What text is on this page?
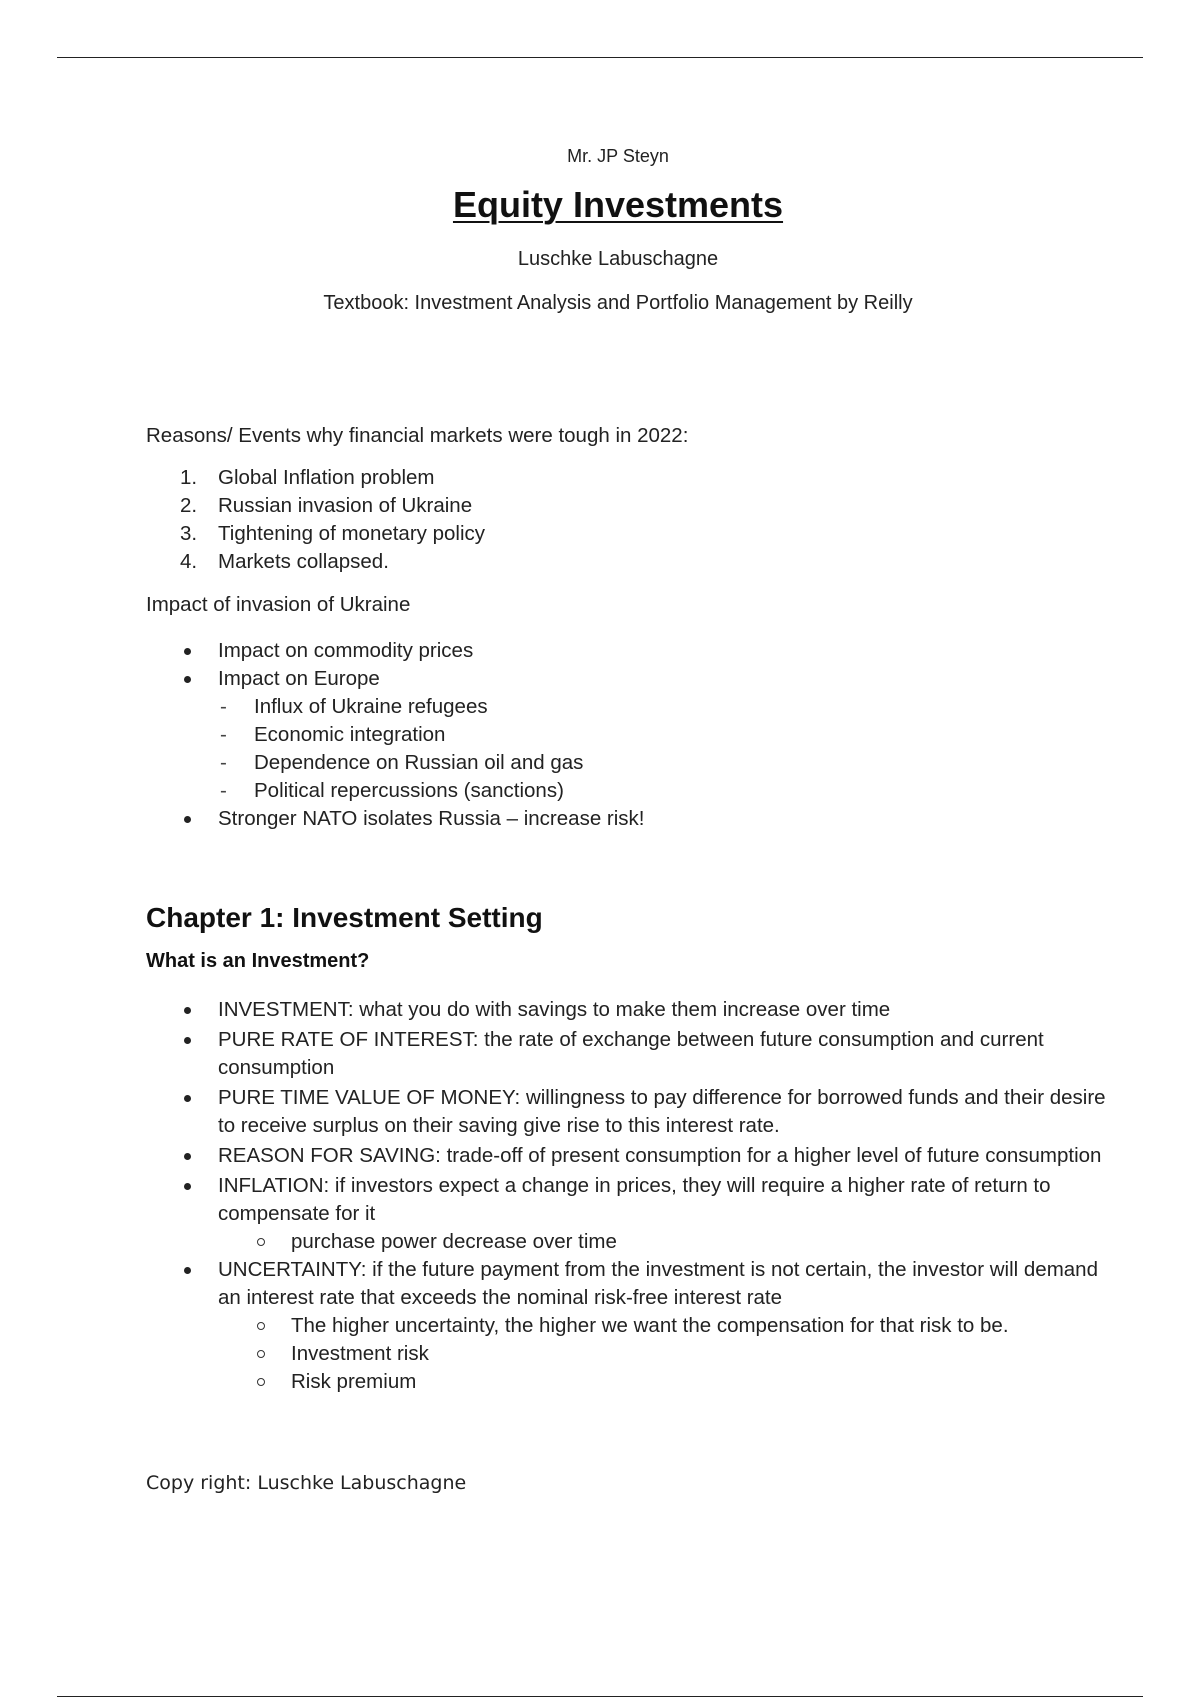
Mr. JP Steyn
Equity Investments
Luschke Labuschagne
Textbook: Investment Analysis and Portfolio Management by Reilly
Reasons/ Events why financial markets were tough in 2022:
1.	Global Inflation problem
2.	Russian invasion of Ukraine
3.	Tightening of monetary policy
4.	Markets collapsed.
Impact of invasion of Ukraine
Impact on commodity prices
Impact on Europe
- Influx of Ukraine refugees
- Economic integration
- Dependence on Russian oil and gas
- Political repercussions (sanctions)
Stronger NATO isolates Russia – increase risk!
Chapter 1: Investment Setting
What is an Investment?
INVESTMENT: what you do with savings to make them increase over time
PURE RATE OF INTEREST: the rate of exchange between future consumption and current consumption
PURE TIME VALUE OF MONEY: willingness to pay difference for borrowed funds and their desire to receive surplus on their saving give rise to this interest rate.
REASON FOR SAVING: trade-off of present consumption for a higher level of future consumption
INFLATION: if investors expect a change in prices, they will require a higher rate of return to compensate for it
purchase power decrease over time
UNCERTAINTY: if the future payment from the investment is not certain, the investor will demand an interest rate that exceeds the nominal risk-free interest rate
The higher uncertainty, the higher we want the compensation for that risk to be.
Investment risk
Risk premium
Copy right: Luschke Labuschagne
